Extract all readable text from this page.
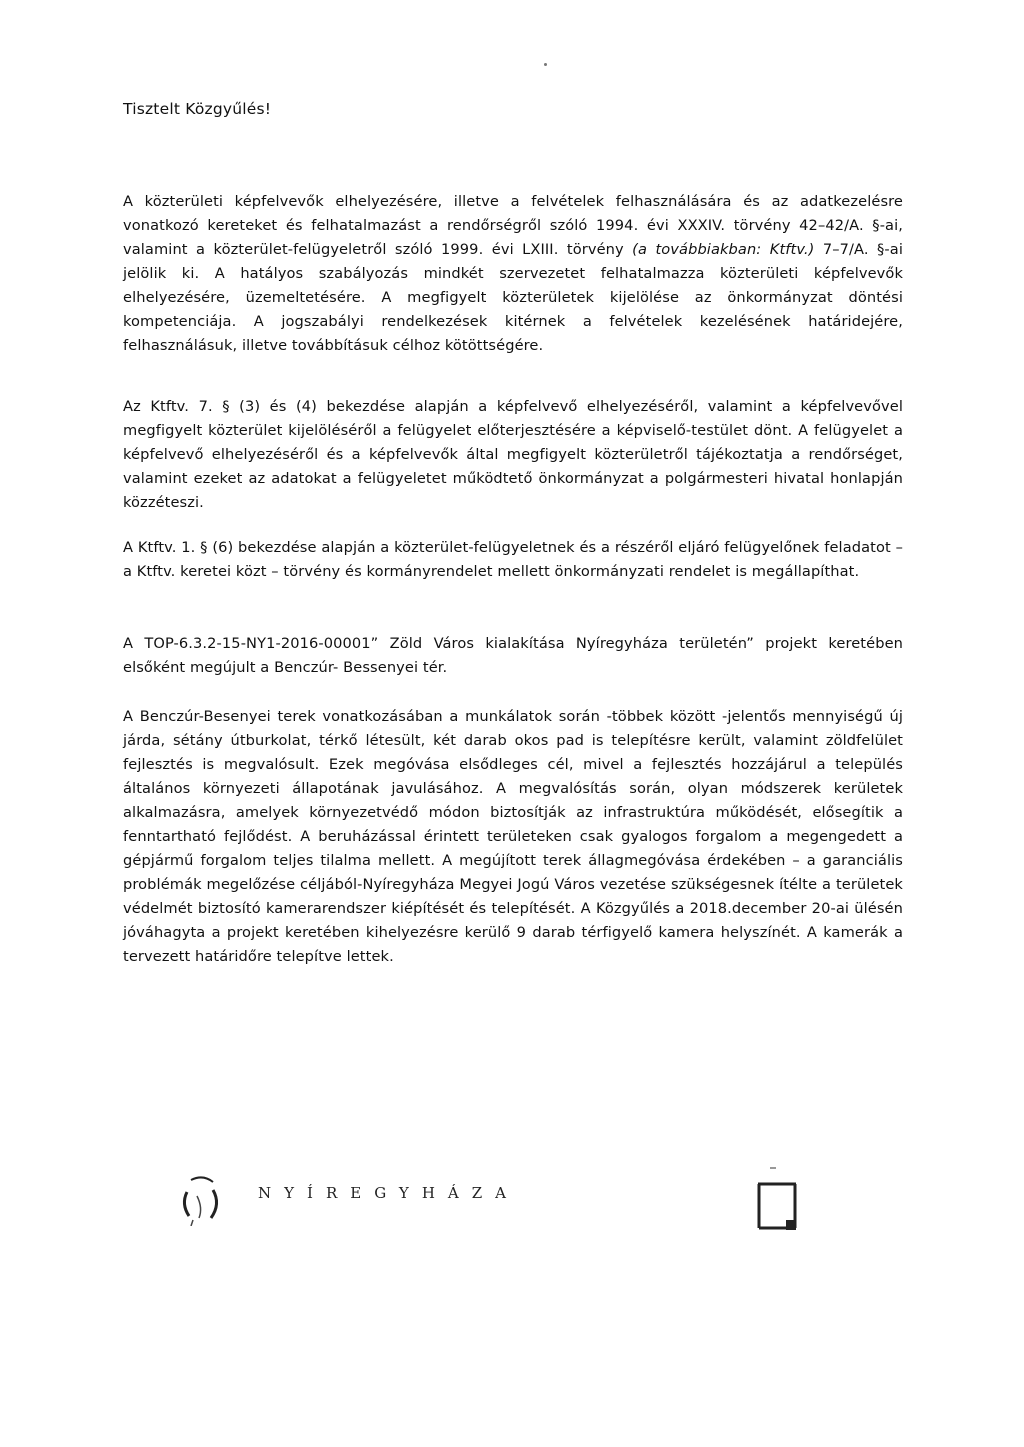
Tisztelt Közgyűlés!

A közterületi képfelvevők elhelyezésére, illetve a felvételek felhasználására és az adatkezelésre vonatkozó kereteket és felhatalmazást a rendőrségről szóló 1994. évi XXXIV. törvény 42–42/A. §-ai, valamint a közterület-felügyeletről szóló 1999. évi LXIII. törvény (a továbbiakban: Ktftv.) 7–7/A. §-ai jelölik ki. A hatályos szabályozás mindkét szervezetet felhatalmazza közterületi képfelvevők elhelyezésére, üzemeltetésére. A megfigyelt közterületek kijelölése az önkormányzat döntési kompetenciája. A jogszabályi rendelkezések kitérnek a felvételek kezelésének határidejére, felhasználásuk, illetve továbbításuk célhoz kötöttségére.

Az Ktftv. 7. § (3) és (4) bekezdése alapján a képfelvevő elhelyezéséről, valamint a képfelvevővel megfigyelt közterület kijelöléséről a felügyelet előterjesztésére a képviselő-testület dönt. A felügyelet a képfelvevő elhelyezéséről és a képfelvevők által megfigyelt közterületről tájékoztatja a rendőrséget, valamint ezeket az adatokat a felügyeletet működtető önkormányzat a polgármesteri hivatal honlapján közzéteszi.

A Ktftv. 1. § (6) bekezdése alapján a közterület-felügyeletnek és a részéről eljáró felügyelőnek feladatot – a Ktftv. keretei közt – törvény és kormányrendelet mellett önkormányzati rendelet is megállapíthat.

A TOP-6.3.2-15-NY1-2016-00001” Zöld Város kialakítása Nyíregyháza területén” projekt keretében elsőként megújult a Benczúr- Bessenyei tér.

A Benczúr-Besenyei terek vonatkozásában a munkálatok során -többek között -jelentős mennyiségű új járda, sétány útburkolat, térkő létesült, két darab okos pad is telepítésre került, valamint zöldfelület fejlesztés is megvalósult. Ezek megóvása elsődleges cél, mivel a fejlesztés hozzájárul a település általános környezeti állapotának javulásához. A megvalósítás során, olyan módszerek kerületek alkalmazásra, amelyek környezetvédő módon biztosítják az infrastruktúra működését, elősegítik a fenntartható fejlődést. A beruházással érintett területeken csak gyalogos forgalom a megengedett a gépjármű forgalom teljes tilalma mellett. A megújított terek állagmegóvása érdekében – a garanciális problémák megelőzése céljából-Nyíregyháza Megyei Jogú Város vezetése szükségesnek ítélte a területek védelmét biztosító kamerarendszer kiépítését és telepítését. A Közgyűlés a 2018.december 20-ai ülésén jóváhagyta a projekt keretében kihelyezésre kerülő 9 darab térfigyelő kamera helyszínét. A kamerák a tervezett határidőre telepítve lettek.

NYÍREGYHÁZA
